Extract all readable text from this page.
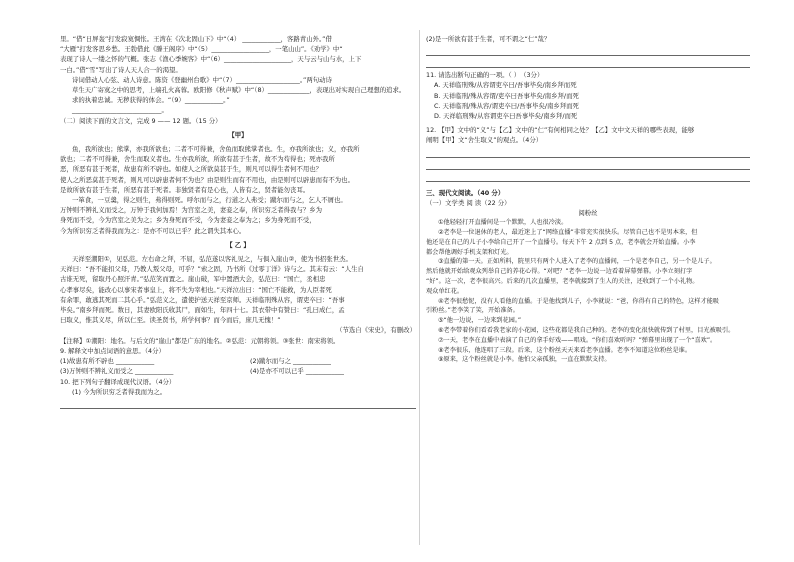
里。“借“日屏轰”打发寂寞惆怅。王湾在《次北固山下》中“（4） ____________，客路青山外。”借

“大雁”打发客思乡愁。王勃借此《滕王阁序》中“（5）__________________，一笔山山”。《劝学》中“

表现了诗人一缕之怀的气概。张志《渔心季婉客》中“（6）_____________________，天与云与山与水，上下

一白。”借“雪”写出了诗人天人合一的渴望。

诗词借动人心弦、动人诗意。陈资《登幽州台歌》中“（7）____________________。”两句动诗

草生天广寄寞之中的思考，上端孔火高蓉。欧阳修《秋声赋》中“（8）_____________，表现出对实现自己理想的追求。

求的执着忠诚。无秽获得的体会。“（9）____________。”

____________________________。

（二）阅读下面的文言文，完成 9 —— 12 题。（15 分）

【甲】

鱼，我所欲也；熊掌，亦我所欲也；二者不可得兼，舍鱼而取熊掌者也。生，亦我所欲也；义，亦我所

欲也；二者不可得兼，舍生而取义者也。生亦我所欲，所欲有甚于生者，故不为苟得也；死亦我所

恶，所恶有甚于死者，故患有所不辟也。如使人之所欲莫甚于生，则凡可以得生者何不用也？

使人之所恶莫甚于死者，则凡可以辟患者何不为也？由是则生而有不用也，由是则可以辟患而有不为也。

是故所欲有甚于生者，所恶有甚于死者。非独贤者有是心也，人皆有之，贤者能勿丧耳。

一箪食，一豆羹，得之则生，弗得则死。呼尔而与之，行道之人弗受；蹴尔而与之，乞人不屑也。

万钟则不辨礼义而受之，万钟于我何加焉！为宫室之美，妻妾之奉，所识穷乏者得我与？乡为

身死而不受，今为宫室之美为之；乡为身死而不受，今为妻妾之奉为之；乡为身死而不受，

今为所识穷乏者得我而为之：是亦不可以已乎？此之谓失其本心。

【 乙 】

天祥至潮阳①，见弘范。左右命之拜，不屈，弘范遂以客礼见之，与俱入崖山②，使为书招张世杰。

天祥曰：“吾不能扣父母，乃教人叛父母，可乎？”索之固，乃书所《过零丁洋》诗与之。其末有云：“人生自

古谁无死，留取丹心照汗青。”弘范笑而置之。崖山破，军中置酒大会，弘范曰：“国亡，丞相忠

心孝事尽矣，能改心以事宋者事皇上，将不失为宰相也。”天祥泣出曰：“国亡不能救，为人臣者死

有余罪，敢逃其死而二其心乎。”弘范义之，遣使护送天祥至京师。天祥临刑殊从容，谓吏卒曰：“吾事

毕矣。”南乡拜而死。数日，其妻欧阳氏收其尸，面如生，年四十七。其衣带中有赞曰：“孔曰成仁，孟

曰取义，惟其义尽，所以仁至。读圣贤书，所学何事？而今而后，庶几无愧！”

（节选自《宋史》，有删改）

【注释】①潮阳：地名。与后文的“崖山”都是广东的地名。②弘范：元朝将领。③张世：南宋将领。

9. 解释文中加点词语的意思。（4分）

(1)故患有所不辟也 ____________	(2)蹴尔而与之 ____________

(3)万钟则不辨礼义而受之 ____________	(4)是亦不可以已乎 ____________

10. 把下列句子翻译成现代汉语。（4分）

(1) 今为所识穷乏者得我而为之。

(2)是一所欲有甚于生者，可不谓之“仁”哉？

11. 请选出断句正确的一项。（ ）　（3分）

A. 天祥临刑殊/从容谓吏卒曰/吾事毕矣/南乡拜而死

B. 天祥临刑/殊从容谓/吏卒曰吾事毕矣/南乡拜/而死

C. 天祥临刑/殊从容/谓吏卒曰/吾事毕矣/南乡拜而死

D. 天祥临刑殊/从容谓吏卒曰吾事毕矣/南乡拜/而死

12. 【甲】文中的“义”与【乙】文中的“仁”有何相同之处？【乙】文中文天祥的哪些表现，能够

阐明【甲】文“舍生取义”的观点。（4分）

三、现代文阅读。（40 分）

（一）文学类 阅 读（22 分）

阅粉丝

①他轻轻打开直播间是一个默默，人也很冷淡。

②老李是一位退休的老人，最近迷上了“网络直播”非常充实很快乐。尽管自己也不是男本来，但

他还是在自己的儿子小李给自己开了一个直播号。每天下午 2 点到 5 点，老李就会开始直播。小李

都会帮他调好手机支架和灯光。

③直播的第一天。正如所料，院里只有两个人进入了老李的直播间，一个是老李自己，另一个是儿子。

然后他就开始给观众列举自己的养花心得。“对吧？”老李一边说一边看着屏幕弹幕。小李立刻打字

“好”。这一次，老李很高兴。后来的几次直播里，老李就接到了生人的关注，还收到了一个小礼物。

观众单红花。

④老李很愁怩，没有人看他的直播。于是他找到儿子，小李就说：“爸，你得有自己的特色，这样才能吸

引粉丝。”老李笑了笑，开始准备。

⑤“他一边说，一边来到花园。”

⑥老李带着你们看看我老家的小花园，这些花都是我自己种的。老李的变化很快就传到了村里，目光被吸引。

⑦一天，老李在直播中表演了自己的拿手好戏——唱戏。“你们喜欢听吗？”弹幕里出现了一个“喜欢”。

⑧老李很乐，他连唱了三段。后来，这个粉丝天天来看老李直播。老李不知道这位粉丝是谁。

⑨原来，这个粉丝就是小李。他怕父亲孤独，一直在默默支持。
